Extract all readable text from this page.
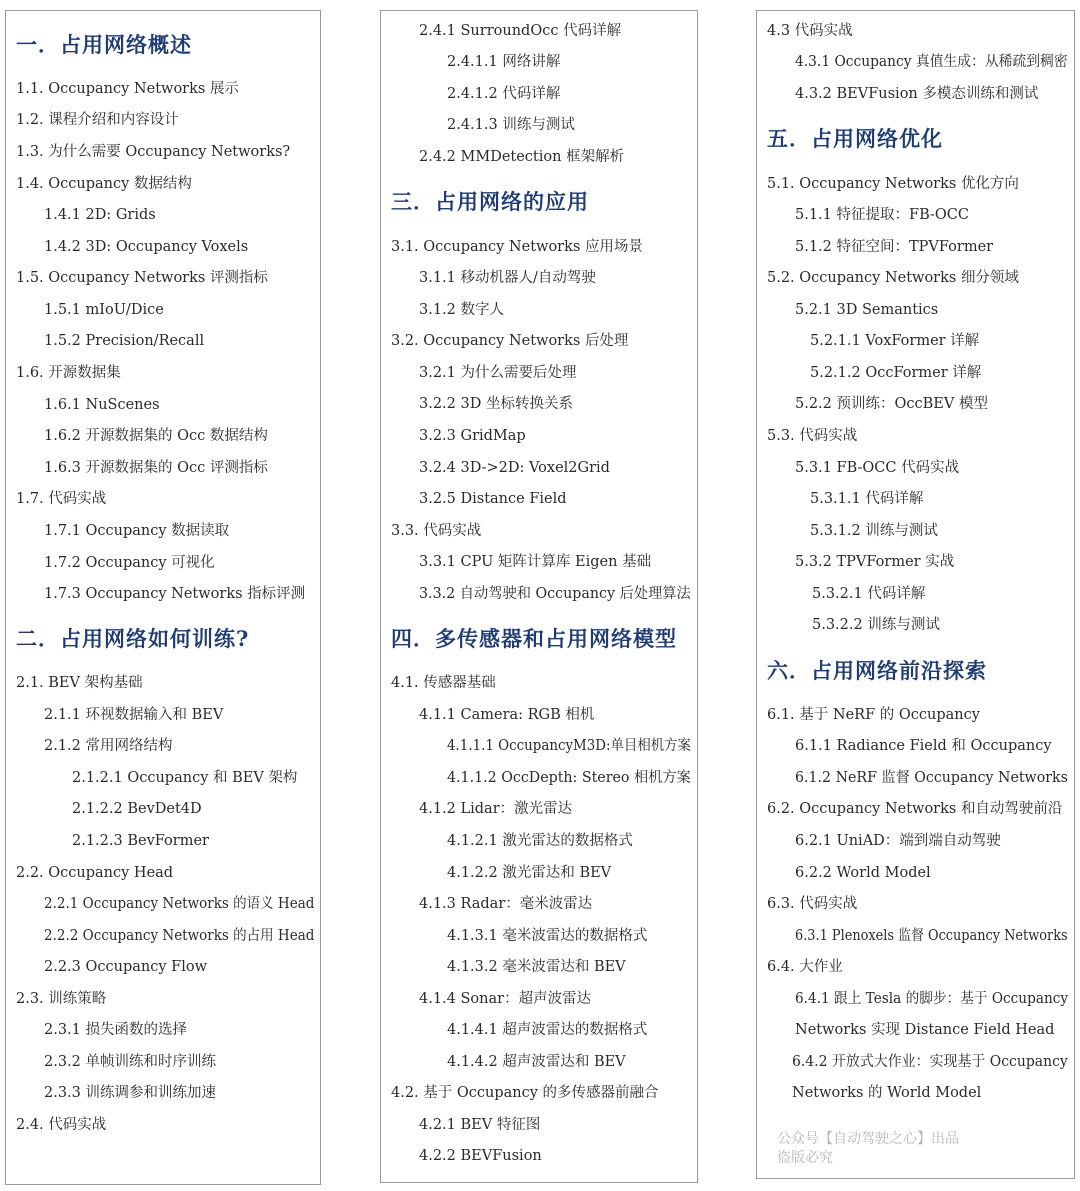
一．占用网络概述
1.1. Occupancy Networks 展示
1.2. 课程介绍和内容设计
1.3. 为什么需要 Occupancy Networks?
1.4. Occupancy 数据结构
1.4.1 2D: Grids
1.4.2 3D: Occupancy Voxels
1.5. Occupancy Networks 评测指标
1.5.1 mIoU/Dice
1.5.2 Precision/Recall
1.6. 开源数据集
1.6.1 NuScenes
1.6.2 开源数据集的 Occ 数据结构
1.6.3 开源数据集的 Occ 评测指标
1.7. 代码实战
1.7.1 Occupancy 数据读取
1.7.2 Occupancy 可视化
1.7.3 Occupancy Networks 指标评测
二．占用网络如何训练?
2.1. BEV 架构基础
2.1.1 环视数据输入和 BEV
2.1.2 常用网络结构
2.1.2.1 Occupancy 和 BEV 架构
2.1.2.2 BevDet4D
2.1.2.3 BevFormer
2.2. Occupancy Head
2.2.1 Occupancy Networks 的语义 Head
2.2.2 Occupancy Networks 的占用 Head
2.2.3 Occupancy Flow
2.3. 训练策略
2.3.1 损失函数的选择
2.3.2 单帧训练和时序训练
2.3.3 训练调参和训练加速
2.4. 代码实战
2.4.1 SurroundOcc 代码详解
2.4.1.1 网络讲解
2.4.1.2 代码详解
2.4.1.3 训练与测试
2.4.2 MMDetection 框架解析
三．占用网络的应用
3.1. Occupancy Networks 应用场景
3.1.1 移动机器人/自动驾驶
3.1.2 数字人
3.2. Occupancy Networks 后处理
3.2.1 为什么需要后处理
3.2.2 3D 坐标转换关系
3.2.3 GridMap
3.2.4 3D->2D: Voxel2Grid
3.2.5 Distance Field
3.3. 代码实战
3.3.1 CPU 矩阵计算库 Eigen 基础
3.3.2 自动驾驶和 Occupancy 后处理算法
四．多传感器和占用网络模型
4.1. 传感器基础
4.1.1 Camera: RGB 相机
4.1.1.1 OccupancyM3D:单目相机方案
4.1.1.2 OccDepth: Stereo 相机方案
4.1.2 Lidar：激光雷达
4.1.2.1 激光雷达的数据格式
4.1.2.2 激光雷达和 BEV
4.1.3 Radar：毫米波雷达
4.1.3.1 毫米波雷达的数据格式
4.1.3.2 毫米波雷达和 BEV
4.1.4 Sonar：超声波雷达
4.1.4.1 超声波雷达的数据格式
4.1.4.2 超声波雷达和 BEV
4.2. 基于 Occupancy 的多传感器前融合
4.2.1 BEV 特征图
4.2.2 BEVFusion
4.3 代码实战
4.3.1 Occupancy 真值生成：从稀疏到稠密
4.3.2 BEVFusion 多模态训练和测试
五．占用网络优化
5.1. Occupancy Networks 优化方向
5.1.1 特征提取：FB-OCC
5.1.2 特征空间：TPVFormer
5.2. Occupancy Networks 细分领域
5.2.1 3D Semantics
5.2.1.1 VoxFormer 详解
5.2.1.2 OccFormer 详解
5.2.2 预训练：OccBEV 模型
5.3. 代码实战
5.3.1 FB-OCC 代码实战
5.3.1.1 代码详解
5.3.1.2 训练与测试
5.3.2 TPVFormer 实战
5.3.2.1 代码详解
5.3.2.2 训练与测试
六．占用网络前沿探索
6.1. 基于 NeRF 的 Occupancy
6.1.1 Radiance Field 和 Occupancy
6.1.2 NeRF 监督 Occupancy Networks
6.2. Occupancy Networks 和自动驾驶前沿
6.2.1 UniAD：端到端自动驾驶
6.2.2 World Model
6.3. 代码实战
6.3.1 Plenoxels 监督 Occupancy Networks
6.4. 大作业
6.4.1 跟上 Tesla 的脚步：基于 Occupancy
Networks 实现 Distance Field Head
6.4.2 开放式大作业：实现基于 Occupancy
Networks 的 World Model
公众号【自动驾驶之心】出品
盗版必究
